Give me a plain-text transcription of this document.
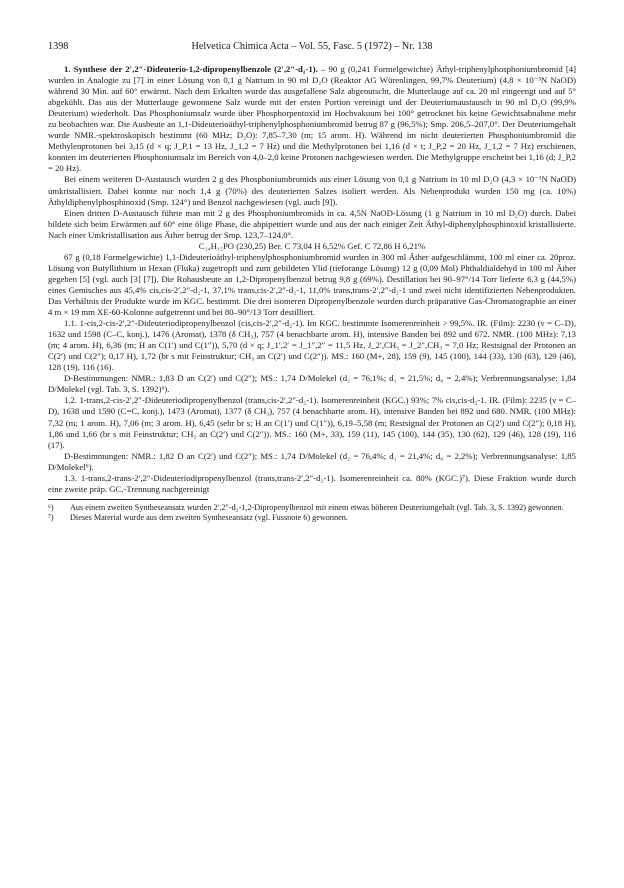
1398	Helvetica Chimica Acta – Vol. 55, Fasc. 5 (1972) – Nr. 138

1. Synthese der 2′,2″-Dideuterio-1,2-dipropenylbenzole (2′,2″-d₂-1). – 90 g (0,241 Formelgewichte) Äthyl-triphenylphosphoniumbromid [4] wurden in Analogie zu [7] in einer Lösung von 0,1 g Natrium in 90 ml D₂O (Reaktor AG Würenlingen, 99,7% Deuterium) (4,8 × 10⁻³N NaOD) während 30 Min. auf 60° erwärmt. Nach dem Erkalten wurde das ausgefallene Salz abgenutscht, die Mutterlauge auf ca. 20 ml eingeengt und auf 5° abgekühlt. Das aus der Mutterlauge gewonnene Salz wurde mit der ersten Portion vereinigt und der Deuteriumaustausch in 90 ml D₂O (99,9% Deuterium) wiederholt. Das Phosphoniumsalz wurde über Phosphorpentoxid im Hochvakuum bei 100° getrocknet bis keine Gewichtsabnahme mehr zu beobachten war. Die Ausbeute an 1,1-Dideuterioäthyl-triphenylphosphoniumbromid betrug 87 g (96,5%); Smp. 206,5–207,0°. Der Deuteriumgehalt wurde NMR.-spektroskopisch bestimmt (60 MHz; D₂O): 7,85–7,30 (m; 15 arom. H). Während im nicht deuterierten Phosphoniumbromid die Methylenprotonen bei 3,15 (d × q; J_P,1 = 13 Hz, J_1,2 = 7 Hz) und die Methylprotonen bei 1,16 (d × t; J_P,2 = 20 Hz, J_1,2 = 7 Hz) erschienen, konnten im deuterierten Phosphoniumsalz im Bereich von 4,0–2,0 keine Protonen nachgewiesen werden. Die Methylgruppe erscheint bei 1,16 (d; J_P,2 = 20 Hz).

Bei einem weiteren D-Austausch wurden 2 g des Phosphoniumbromids aus einer Lösung von 0,1 g Natrium in 10 ml D₂O (4,3 × 10⁻¹N NaOD) umkristallisiert. Dabei konnte nur noch 1,4 g (70%) des deuterierten Salzes isoliert werden. Als Nebenprodukt wurden 150 mg (ca. 10%) Äthyldiphenylphosphinoxid (Smp. 124°) und Benzol nachgewiesen (vgl. auch [9]).

Einen dritten D-Austausch führte man mit 2 g des Phosphoniumbromids in ca. 4,5N NaOD-Lösung (1 g Natrium in 10 ml D₂O) durch. Dabei bildete sich beim Erwärmen auf 60° eine ölige Phase, die abpipettiert wurde und aus der nach einiger Zeit Äthyl-diphenylphosphinoxid kristallisierte. Nach einer Umkristallisation aus Äther betrug der Smp. 123,7–124,0°.

C₁₄H₁₅PO (230,25) Ber. C 73,04 H 6,52% Gef. C 72,86 H 6,21%

67 g (0,18 Formelgewichte) 1,1-Dideuterioäthyl-triphenylphosphoniumbromid wurden in 300 ml Äther aufgeschlämmt, 100 ml einer ca. 20proz. Lösung von Butyllithium in Hexan (Fluka) zugetropft und zum gebildeten Ylid (tieforange Lösung) 12 g (0,09 Mol) Phthaldialdehyd in 100 ml Äther gegeben [5] (vgl. auch [3] [7]). Die Rohausbeute an 1,2-Dipropenylbenzol betrug 9,8 g (69%). Destillation bei 90–97°/14 Torr lieferte 6,3 g (44,5%) eines Gemisches aus 45,4% cis,cis-2′,2″-d₂-1, 37,1% trans,cis-2′,2″-d₂-1, 11,0% trans,trans-2′,2″-d₂-1 und zwei nicht identifizierten Nebenprodukten. Das Verhältnis der Produkte wurde im KGC. bestimmt. Die drei isomeren Dipropenylbenzole wurden durch präparative Gas-Chromatographie an einer 4 m × 19 mm XE-60-Kolonne aufgetrennt und bei 80–90°/13 Torr destilliert.

1.1. 1-cis,2-cis-2′,2″-Dideuteriodipropenylbenzol (cis,cis-2′,2″-d₂-1). Im KGC. bestimmte Isomerenreinheit > 99,5%. IR. (Film): 2230 (ν = C–D), 1632 und 1598 (C–C, konj.), 1476 (Aromat), 1378 (δ CH₃), 757 (4 benachbarte arom. H), intensive Banden bei 892 und 672. NMR. (100 MHz): 7,13 (m; 4 arom. H), 6,36 (m; H an C(1′) und C(1″)), 5,70 (d × q; J_1′,2′ = J_1″,2″ = 11,5 Hz, J_2′,CH₃ = J_2″,CH₃ = 7,0 Hz; Restsignal der Protonen an C(2′) und C(2″); 0,17 H), 1,72 (br s mit Feinstruktur; CH₃ an C(2′) und C(2″)). MS.: 160 (M+, 28), 159 (9), 145 (100), 144 (33), 130 (63), 129 (46), 128 (19), 116 (16).

D-Bestimmungen: NMR.: 1,83 D an C(2′) und C(2″); MS.: 1,74 D/Molekel (d₂ = 76,1%; d₁ = 21,5%; d₀ = 2,4%); Verbrennungsanalyse: 1,84 D/Molekel (vgl. Tab. 3, S. 1392)⁶).

1.2. 1-trans,2-cis-2′,2″-Dideuteriodipropenylbenzol (trans,cis-2′,2″-d₂-1). Isomerenreinheit (KGC.) 93%; 7% cis,cis-d₂-1. IR. (Film): 2235 (ν = C–D), 1638 und 1590 (C=C, konj.), 1473 (Aromat), 1377 (δ CH₃), 757 (4 benachbarte arom. H), intensive Banden bei 892 und 680. NMR. (100 MHz): 7,32 (m; 1 arom. H), 7,06 (m; 3 arom. H), 6,45 (sehr br s; H an C(1′) und C(1″)), 6,19–5,58 (m; Restsignal der Protonen an C(2′) und C(2″); 0,18 H), 1,86 und 1,66 (br s mit Feinstruktur; CH₃ an C(2′) und C(2″)). MS.: 160 (M+, 33), 159 (11), 145 (100), 144 (35), 130 (62), 129 (46), 128 (19), 116 (17).

D-Bestimmungen: NMR.: 1,82 D an C(2′) und C(2″); MS.: 1,74 D/Molekel (d₂ = 76,4%; d₁ = 21,4%; d₀ = 2,2%); Verbrennungsanalyse: 1,85 D/Molekel⁶).

1.3. 1-trans,2-trans-2′,2″-Dideuteriodipropenylbenzol (trans,trans-2′,2″-d₂-1). Isomerenreinheit ca. 80% (KGC.)⁷). Diese Fraktion wurde durch eine zweite präp. GC.-Trennung nachgereinigt

⁶) Aus einem zweiten Syntheseansatz wurden 2′,2″-d₂-1,2-Dipropenylbenzol mit einem etwas höheren Deuteriumgehalt (vgl. Tab. 3, S. 1392) gewonnen.
⁷) Dieses Material wurde aus dem zweiten Syntheseansatz (vgl. Fussnote 6) gewonnen.
